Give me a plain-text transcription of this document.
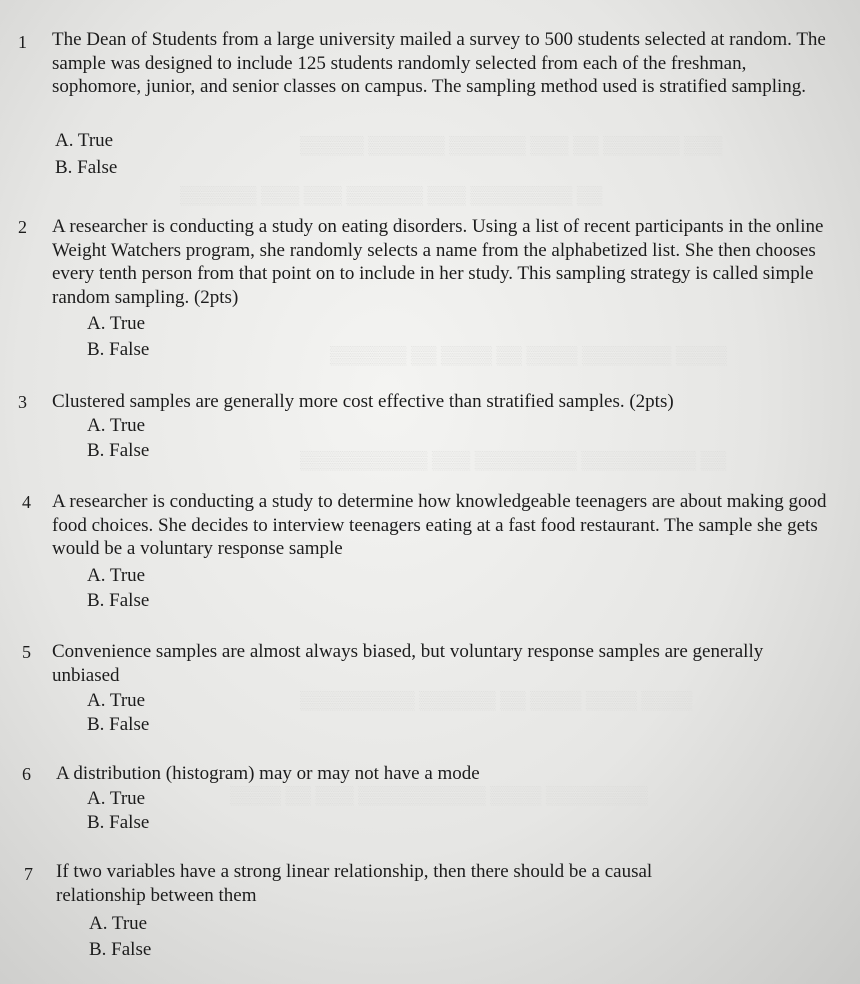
▒▒▒ ▒▒▒▒▒▒ ▒▒ ▒▒▒ ▒▒▒▒▒▒ ▒▒▒▒▒▒ ▒▒▒▒▒
▒▒ ▒▒▒▒▒▒▒▒ ▒▒▒ ▒▒▒▒▒▒ ▒▒▒ ▒▒▒ ▒▒▒▒▒▒
▒▒▒▒ ▒▒▒▒▒▒▒ ▒▒▒▒ ▒▒ ▒▒▒▒ ▒▒ ▒▒▒▒▒▒
▒▒ ▒▒▒▒▒▒▒▒▒ ▒▒▒▒▒▒▒▒ ▒▒▒ ▒▒▒▒▒▒▒▒▒▒
▒▒▒▒ ▒▒▒▒ ▒▒▒▒ ▒▒ ▒▒▒▒▒▒ ▒▒▒▒▒▒▒▒▒
▒▒▒▒▒▒▒▒ ▒▒▒▒ ▒▒▒▒▒▒▒▒▒▒ ▒▒▒ ▒▒ ▒▒▒▒
1 The Dean of Students from a large university mailed a survey to 500 students selected at random. The sample was designed to include 125 students randomly selected from each of the freshman, sophomore, junior, and senior classes on campus. The sampling method used is stratified sampling.
A. True
B. False
2 A researcher is conducting a study on eating disorders. Using a list of recent participants in the online Weight Watchers program, she randomly selects a name from the alphabetized list. She then chooses every tenth person from that point on to include in her study. This sampling strategy is called simple random sampling. (2pts)
A. True
B. False
3 Clustered samples are generally more cost effective than stratified samples. (2pts)
A. True
B. False
4 A researcher is conducting a study to determine how knowledgeable teenagers are about making good food choices. She decides to interview teenagers eating at a fast food restaurant. The sample she gets would be a voluntary response sample
A. True
B. False
5 Convenience samples are almost always biased, but voluntary response samples are generally unbiased
A. True
B. False
6 A distribution (histogram) may or may not have a mode
A. True
B. False
7 If two variables have a strong linear relationship, then there should be a causal relationship between them
A. True
B. False
